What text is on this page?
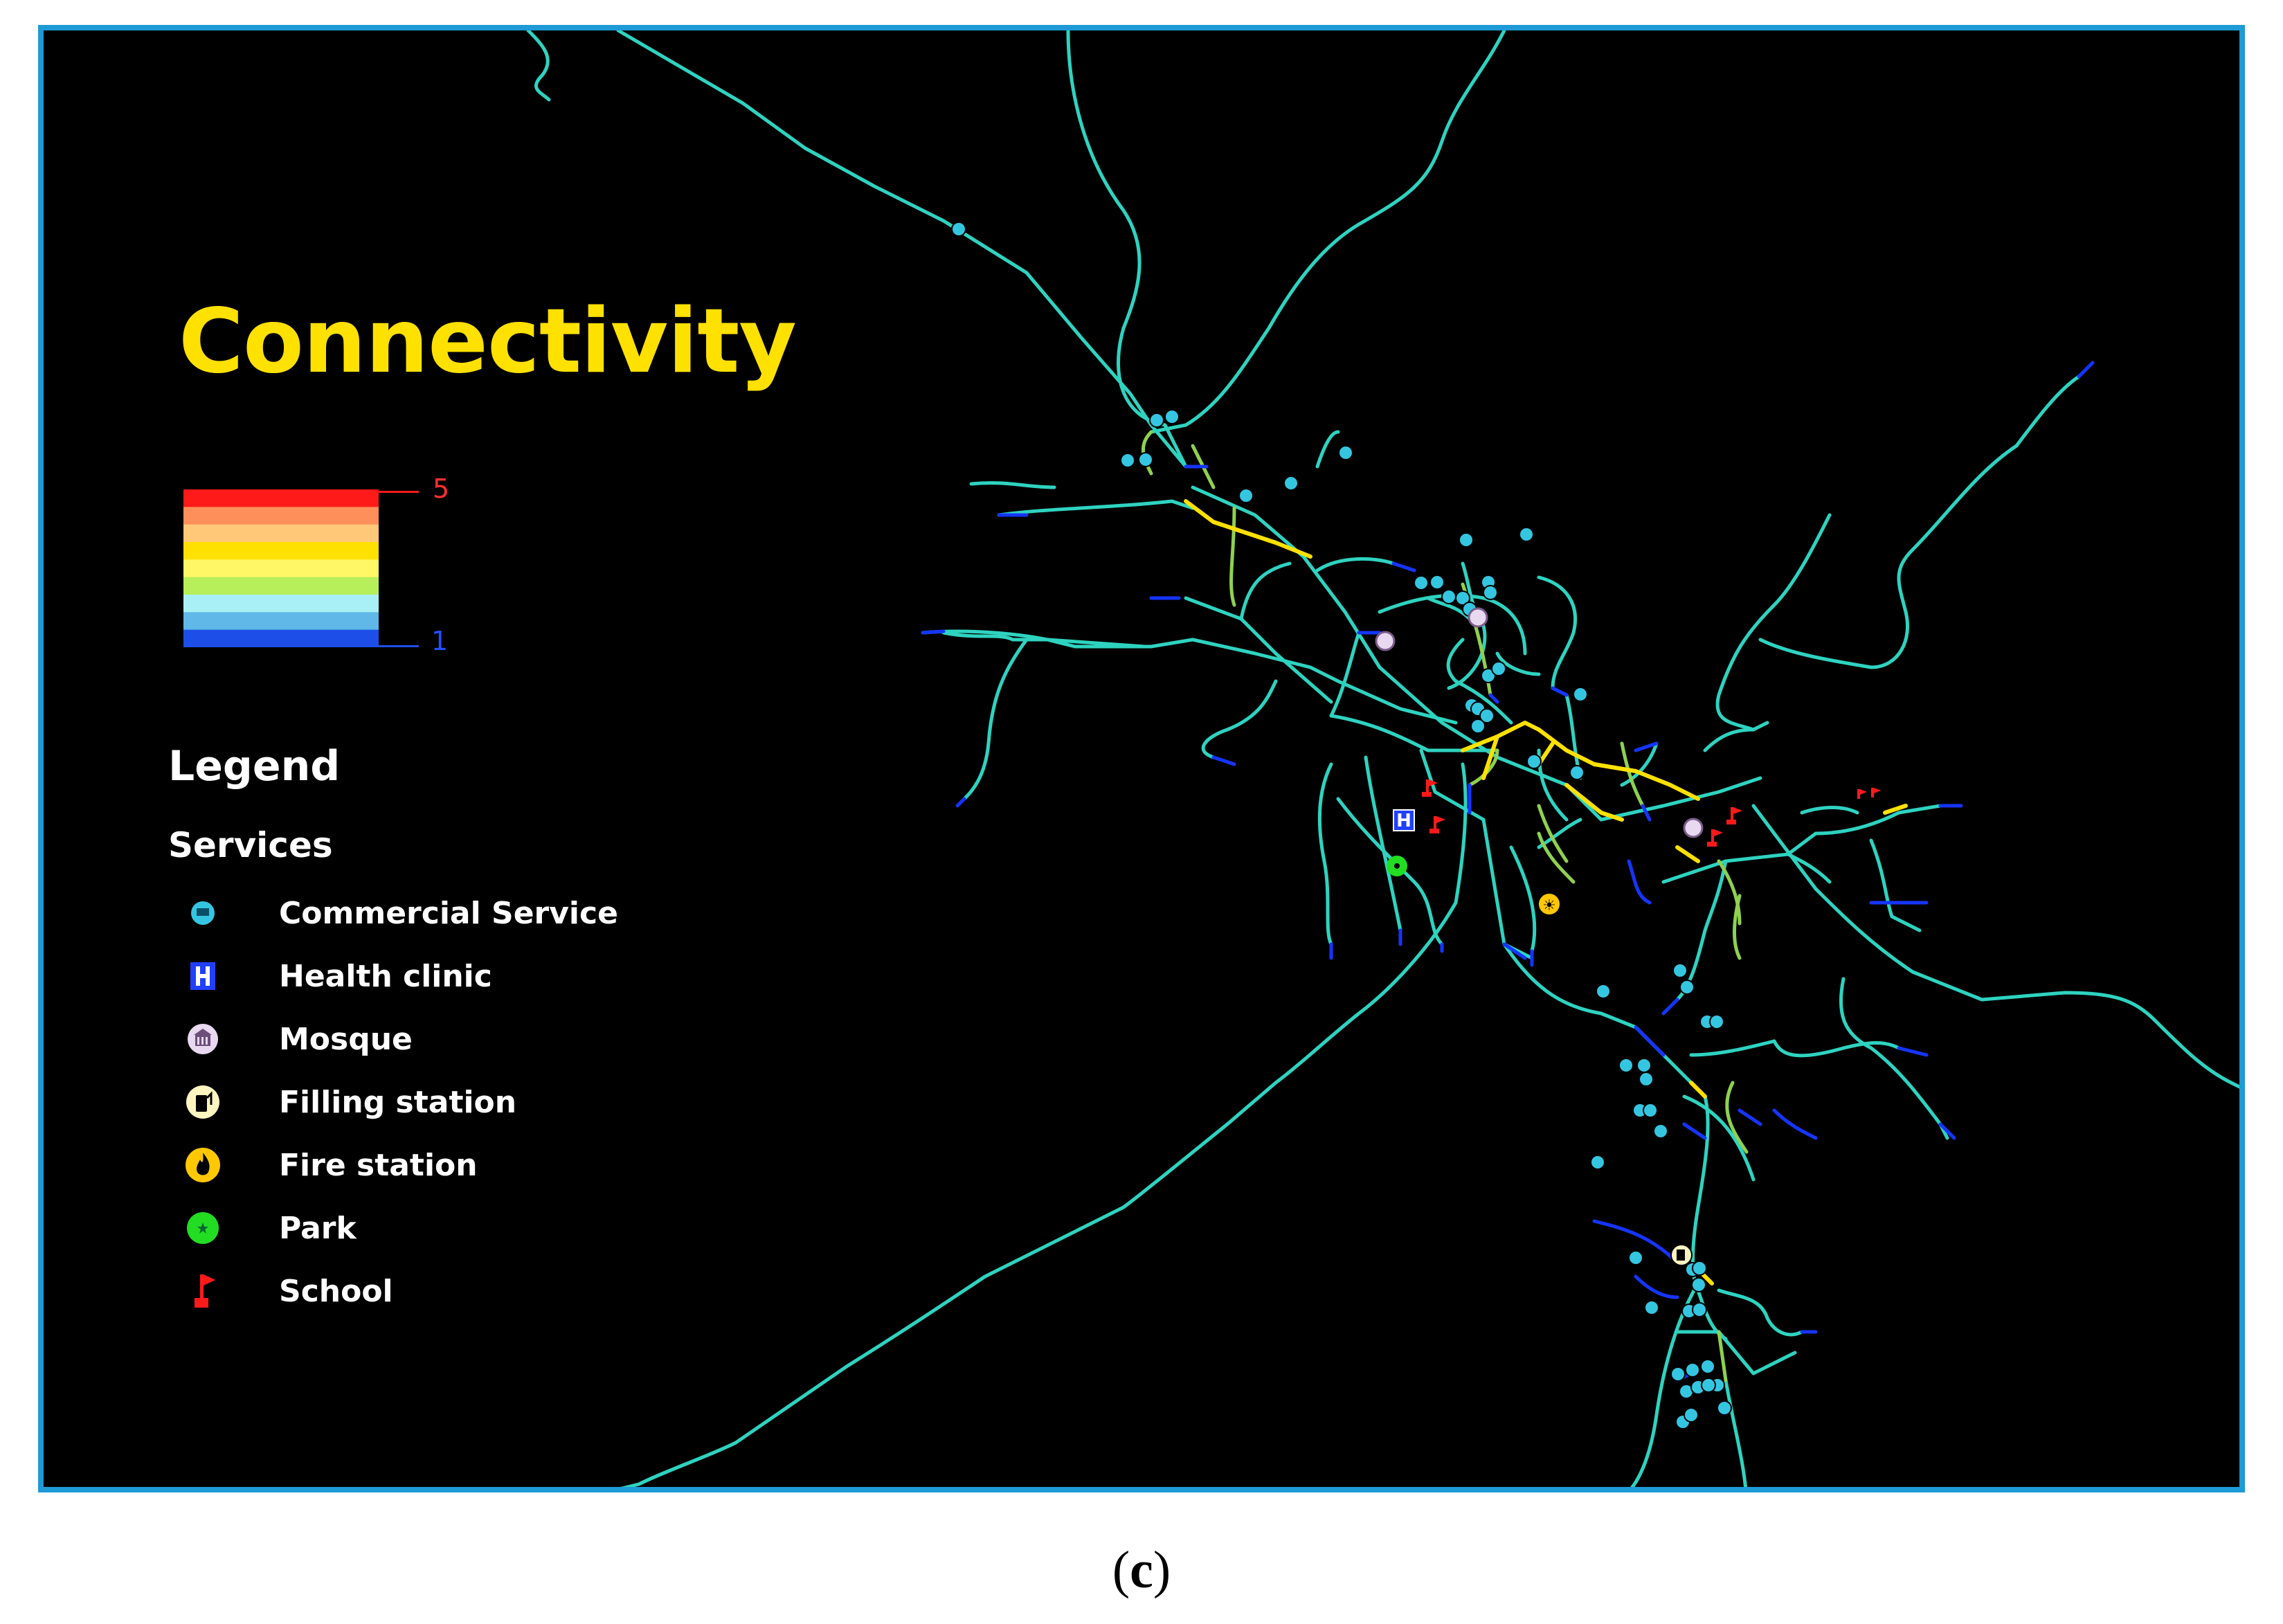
H
☀
Connectivity
5
1
Legend
Services
Commercial Service
Health clinic
Mosque
Filling station
Fire station
Park
School
(c)
